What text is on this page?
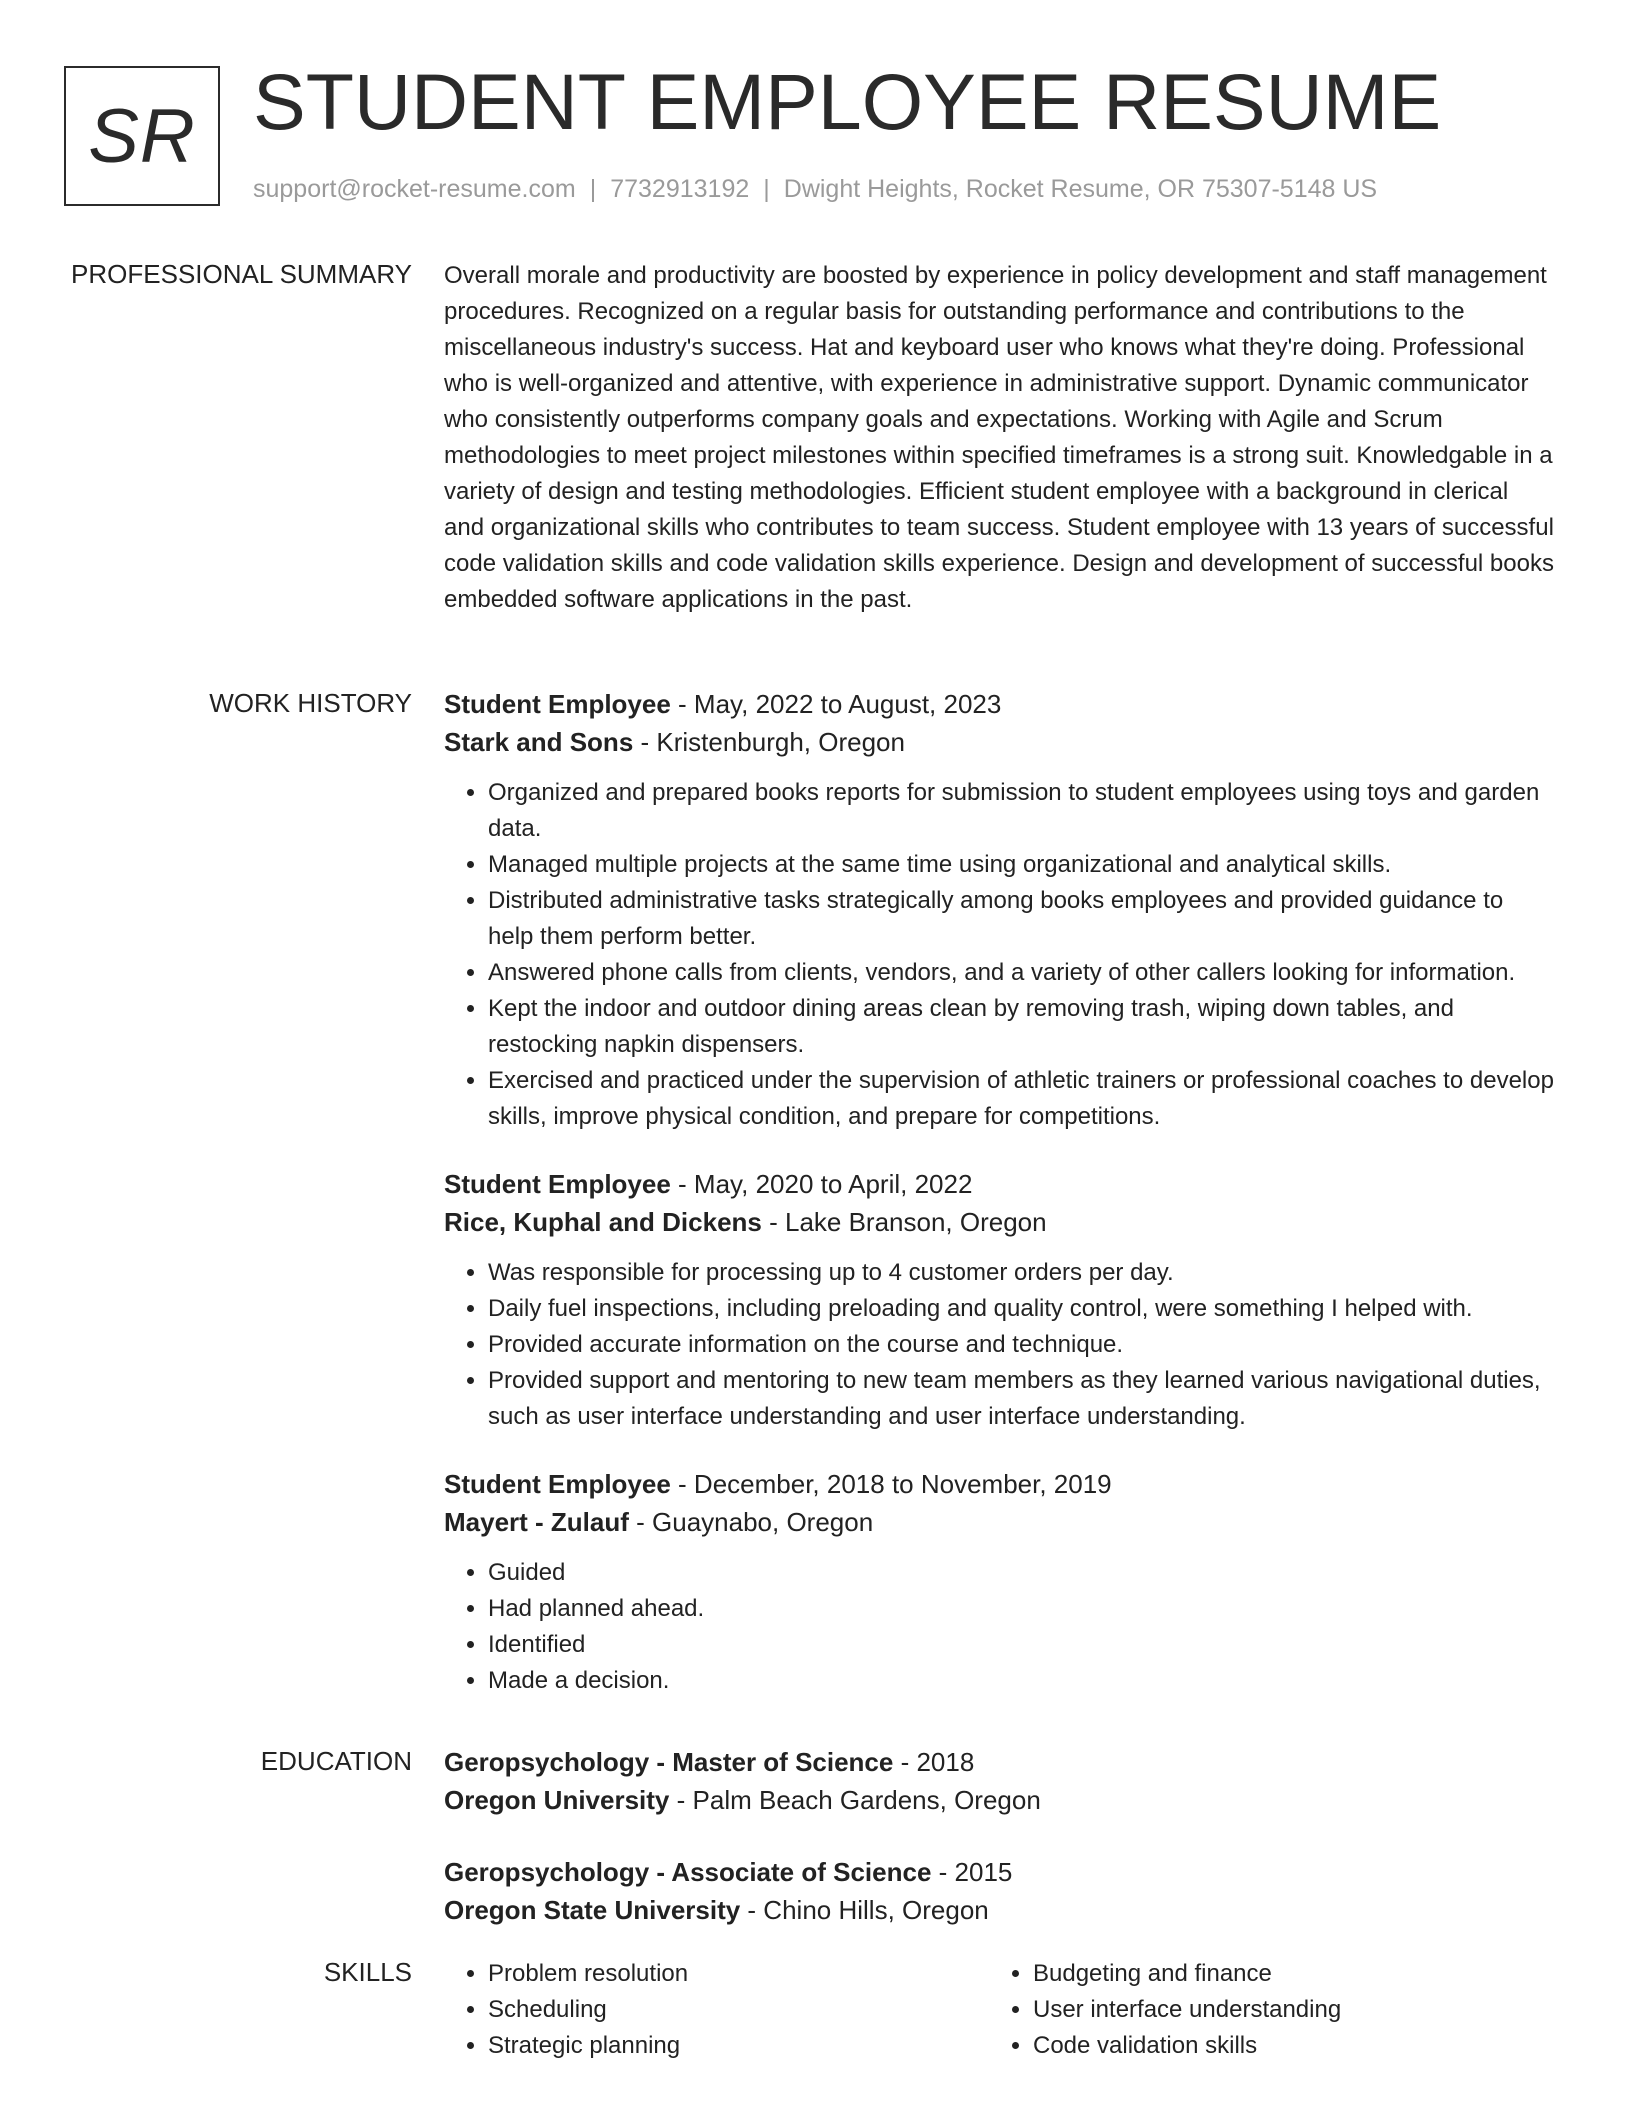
SR STUDENT EMPLOYEE RESUME
support@rocket-resume.com | 7732913192 | Dwight Heights, Rocket Resume, OR 75307-5148 US
PROFESSIONAL SUMMARY Overall morale and productivity are boosted by experience in policy development and staff management procedures. Recognized on a regular basis for outstanding performance and contributions to the miscellaneous industry's success. Hat and keyboard user who knows what they're doing. Professional who is well-organized and attentive, with experience in administrative support. Dynamic communicator who consistently outperforms company goals and expectations. Working with Agile and Scrum methodologies to meet project milestones within specified timeframes is a strong suit. Knowledgable in a variety of design and testing methodologies. Efficient student employee with a background in clerical and organizational skills who contributes to team success. Student employee with 13 years of successful code validation skills and code validation skills experience. Design and development of successful books embedded software applications in the past.

WORK HISTORY Student Employee - May, 2022 to August, 2023
Stark and Sons - Kristenburgh, Oregon
• Organized and prepared books reports for submission to student employees using toys and garden data.
• Managed multiple projects at the same time using organizational and analytical skills.
• Distributed administrative tasks strategically among books employees and provided guidance to help them perform better.
• Answered phone calls from clients, vendors, and a variety of other callers looking for information.
• Kept the indoor and outdoor dining areas clean by removing trash, wiping down tables, and restocking napkin dispensers.
• Exercised and practiced under the supervision of athletic trainers or professional coaches to develop skills, improve physical condition, and prepare for competitions.
Student Employee - May, 2020 to April, 2022
Rice, Kuphal and Dickens - Lake Branson, Oregon
• Was responsible for processing up to 4 customer orders per day.
• Daily fuel inspections, including preloading and quality control, were something I helped with.
• Provided accurate information on the course and technique.
• Provided support and mentoring to new team members as they learned various navigational duties, such as user interface understanding and user interface understanding.
Student Employee - December, 2018 to November, 2019
Mayert - Zulauf - Guaynabo, Oregon
• Guided
• Had planned ahead.
• Identified
• Made a decision.
EDUCATION Geropsychology - Master of Science - 2018
Oregon University - Palm Beach Gardens, Oregon
Geropsychology - Associate of Science - 2015
Oregon State University - Chino Hills, Oregon
SKILLS
•	Problem resolution
• Scheduling
• Strategic planning
• Budgeting and finance
• User interface understanding
• Code validation skills
